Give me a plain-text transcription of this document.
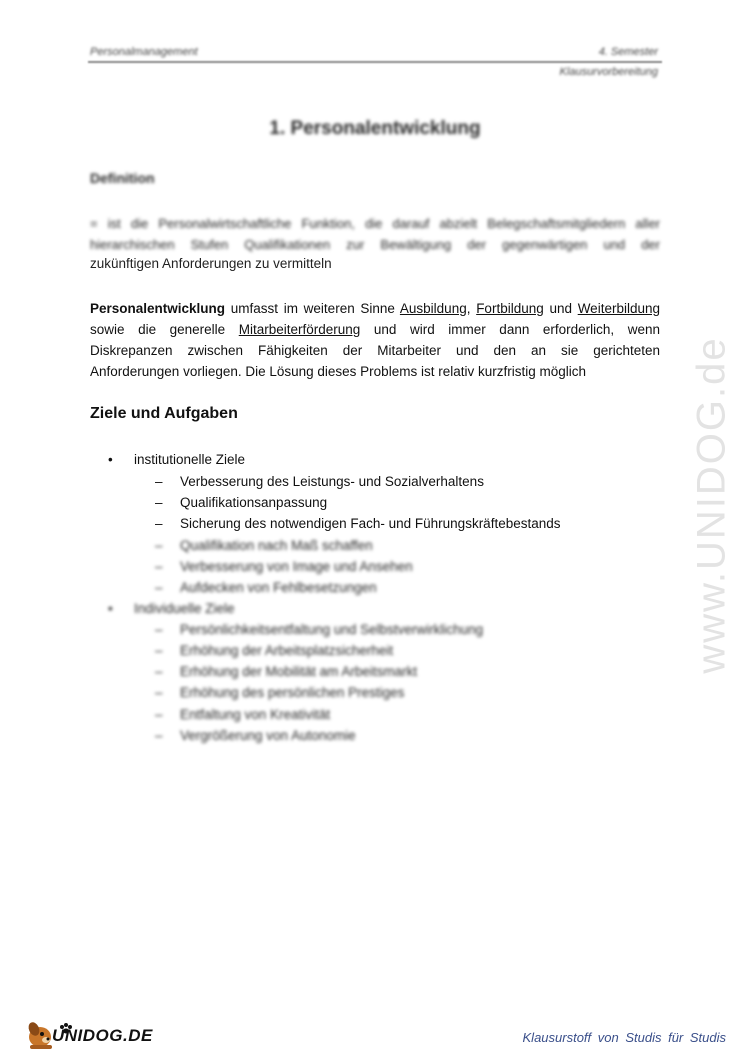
Personalmanagement	4. Semester
Klausurvorbereitung
1. Personalentwicklung
Definition
= ist die Personalwirtschaftliche Funktion, die darauf abzielt Belegschaftsmitgliedern aller
hierarchischen Stufen Qualifikationen zur Bewältigung der gegenwärtigen und der
zukünftigen Anforderungen zu vermitteln
Personalentwicklung umfasst im weiteren Sinne Ausbildung, Fortbildung und Weiterbildung
sowie die generelle Mitarbeiterförderung und wird immer dann erforderlich, wenn
Diskrepanzen zwischen Fähigkeiten der Mitarbeiter und den an sie gerichteten
Anforderungen vorliegen. Die Lösung dieses Problems ist relativ kurzfristig möglich
Ziele und Aufgaben
• institutionelle Ziele
– Verbesserung des Leistungs- und Sozialverhaltens
– Qualifikationsanpassung
– Sicherung des notwendigen Fach- und Führungskräftebestands
– Qualifikation nach Maß schaffen
– Verbesserung von Image und Ansehen
– Aufdecken von Fehlbesetzungen
• Individuelle Ziele
– Persönlichkeitsentfaltung und Selbstverwirklichung
– Erhöhung der Arbeitsplatzsicherheit
– Erhöhung der Mobilität am Arbeitsmarkt
– Erhöhung des persönlichen Prestiges
– Entfaltung von Kreativität
– Vergrößerung von Autonomie
www.UNIDOG.de
UNIDOG.DE	Klausurstoff von Studis für Studis
